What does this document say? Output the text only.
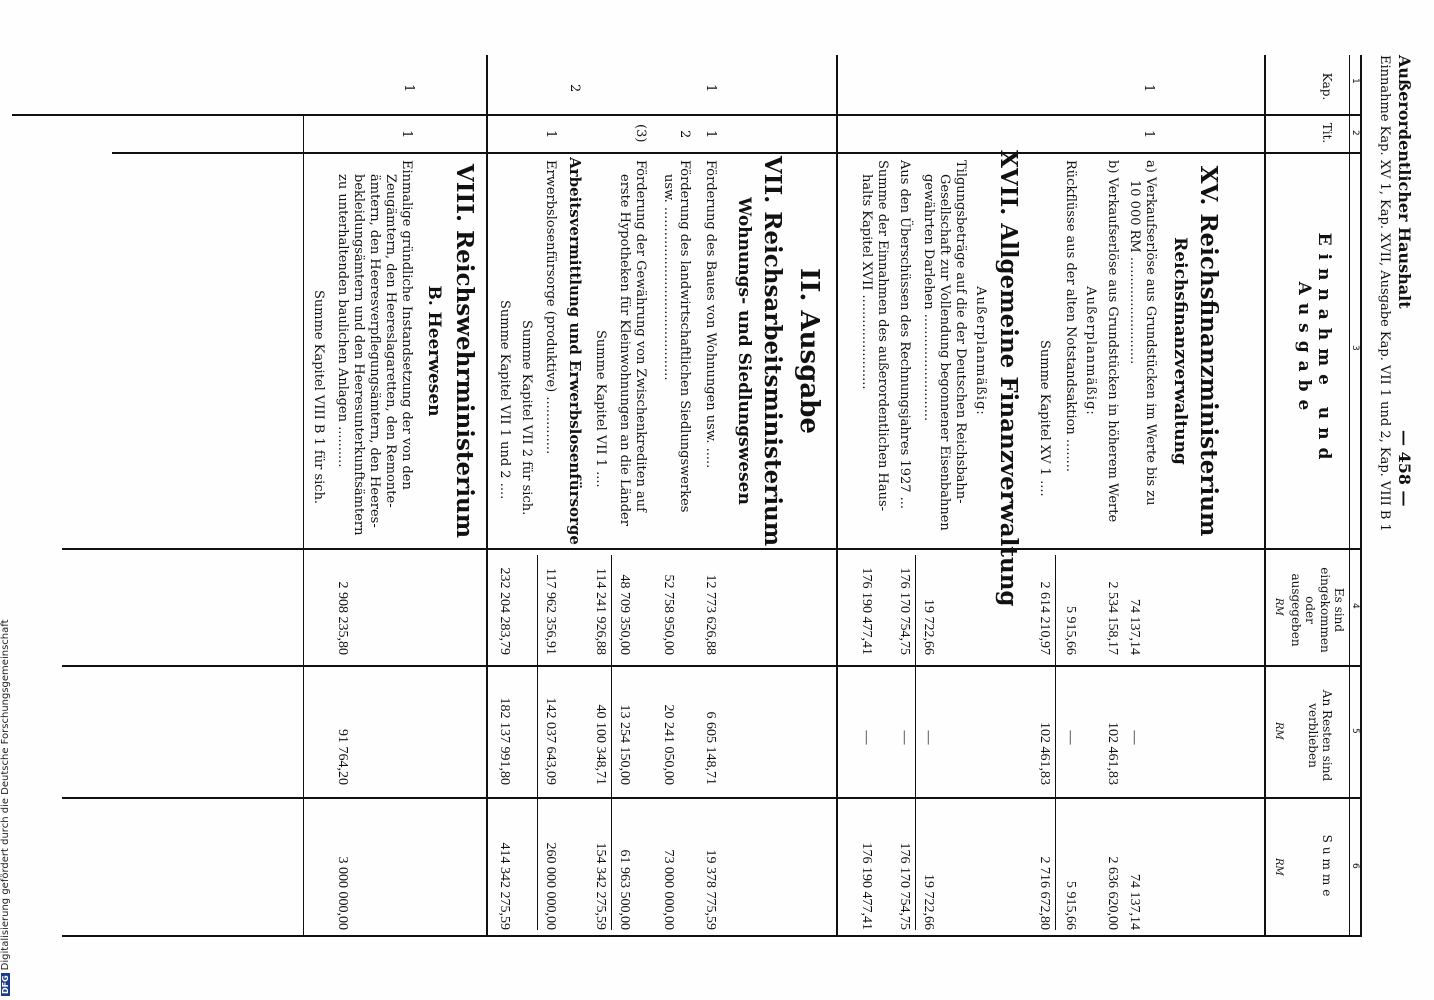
Außerordentlicher Haushalt
— 458 —
Einnahme Kap. XV 1, Kap. XVII, Ausgabe Kap. VII 1 und 2, Kap. VIII B 1
1
2
3
4
5
6
Kap.
Tit.
Einnahme und Ausgabe
Es sind eingekommen oder ausgegeben
RM
An Resten sind verblieben
RM
Summe
RM
XV. Reichsfinanzministerium
Reichsfinanzverwaltung
1
1
a) Verkaufserlöse aus Grundstücken im Werte bis zu
10 000 RM ..........................
74 137,14
—
74 137,14
b) Verkaufserlöse aus Grundstücken in höherem Werte
2 534 158,17
102 461,83
2 636 620,00
Außerplanmäßig:
Rückflüsse aus der alten Notstandsaktion ........
5 915,66
—
5 915,66
Summe Kapitel XV 1 ....
2 614 210,97
102 461,83
2 716 672,80
XVII. Allgemeine Finanzverwaltung
Außerplanmäßig:
Tilgungsbeträge auf die der Deutschen Reichsbahn-
Gesellschaft zur Vollendung begonnener Eisenbahnen
gewährten Darlehen ..........................
19 722,66
—
19 722,66
Aus den Überschüssen des Rechnungsjahres 1927 ...
176 170 754,75
—
176 170 754,75
Summe der Einnahmen des außerordentlichen Haus-
halts Kapitel XVII .......................
176 190 477,41
—
176 190 477,41
II. Ausgabe
VII. Reichsarbeitsministerium
Wohnungs- und Siedlungswesen
1
1
Förderung des Baues von Wohnungen usw. .....
12 773 626,88
6 605 148,71
19 378 775,59
2
Förderung des landwirtschaftlichen Siedlungswerkes
usw. ..........................................
52 758 950,00
20 241 050,00
73 000 000,00
(3)
Förderung der Gewährung von Zwischenkrediten auf
erste Hypotheken für Kleinwohnungen an die Länder
48 709 350,00
13 254 150,00
61 963 500,00
Summe Kapitel VII 1 ....
114 241 926,88
40 100 348,71
154 342 275,59
2
Arbeitsvermittlung und Erwerbslosenfürsorge
1
Erwerbslosenfürsorge (produktive) ..............
117 962 356,91
142 037 643,09
260 000 000,00
Summe Kapitel VII 2 für sich.
Summe Kapitel VII 1 und 2 ....
232 204 283,79
182 137 991,80
414 342 275,59
VIII. Reichswehrministerium
B. Heerwesen
1
1
Einmalige gründliche Instandsetzung der von den
Zeugämtern, den Heereslagaretten, den Remonte-
ämtern, den Heeresverpflegungsämtern, den Heeres-
bekleidungsämtern und den Heeresunterkunftsämtern
zu unterhaltenden baulichen Anlagen ..........
2 908 235,80
91 764,20
3 000 000,00
Summe Kapitel VIII B 1 für sich.
DFGDigitalisierung gefördert durch die Deutsche Forschungsgemeinschaft
